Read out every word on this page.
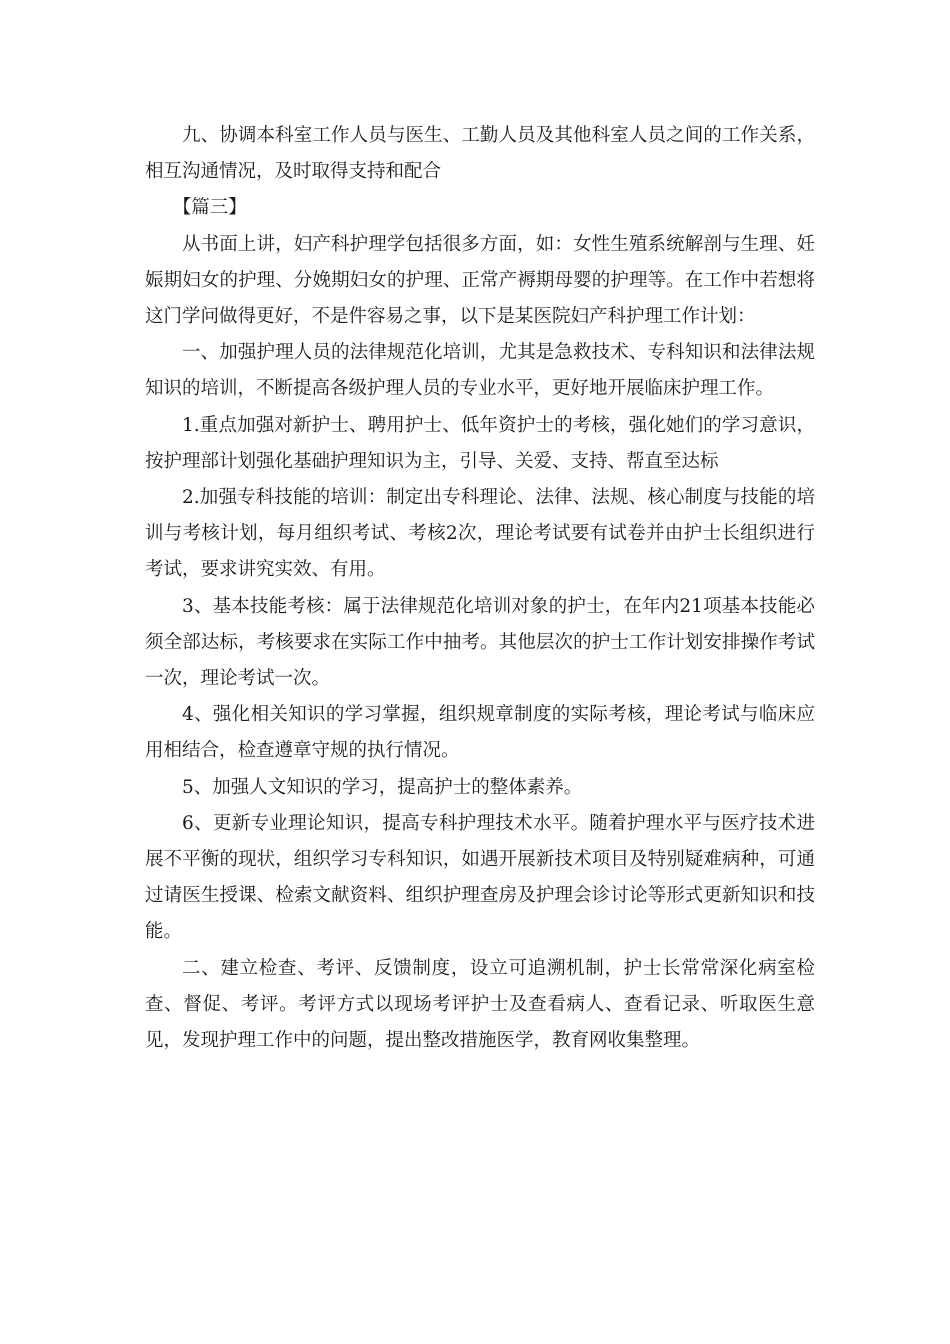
九、协调本科室工作人员与医生、工勤人员及其他科室人员之间的工作关系，相互沟通情况，及时取得支持和配合

【篇三】

从书面上讲，妇产科护理学包括很多方面，如：女性生殖系统解剖与生理、妊娠期妇女的护理、分娩期妇女的护理、正常产褥期母婴的护理等。在工作中若想将这门学问做得更好，不是件容易之事，以下是某医院妇产科护理工作计划：

一、加强护理人员的法律规范化培训，尤其是急救技术、专科知识和法律法规知识的培训，不断提高各级护理人员的专业水平，更好地开展临床护理工作。

1.重点加强对新护士、聘用护士、低年资护士的考核，强化她们的学习意识，按护理部计划强化基础护理知识为主，引导、关爱、支持、帮直至达标

2.加强专科技能的培训：制定出专科理论、法律、法规、核心制度与技能的培训与考核计划，每月组织考试、考核2次，理论考试要有试卷并由护士长组织进行考试，要求讲究实效、有用。

3、基本技能考核：属于法律规范化培训对象的护士，在年内21项基本技能必须全部达标，考核要求在实际工作中抽考。其他层次的护士工作计划安排操作考试一次，理论考试一次。

4、强化相关知识的学习掌握，组织规章制度的实际考核，理论考试与临床应用相结合，检查遵章守规的执行情况。

5、加强人文知识的学习，提高护士的整体素养。

6、更新专业理论知识，提高专科护理技术水平。随着护理水平与医疗技术进展不平衡的现状，组织学习专科知识，如遇开展新技术项目及特别疑难病种，可通过请医生授课、检索文献资料、组织护理查房及护理会诊讨论等形式更新知识和技能。

二、建立检查、考评、反馈制度，设立可追溯机制，护士长常常深化病室检查、督促、考评。考评方式以现场考评护士及查看病人、查看记录、听取医生意见，发现护理工作中的问题，提出整改措施医学，教育网收集整理。
